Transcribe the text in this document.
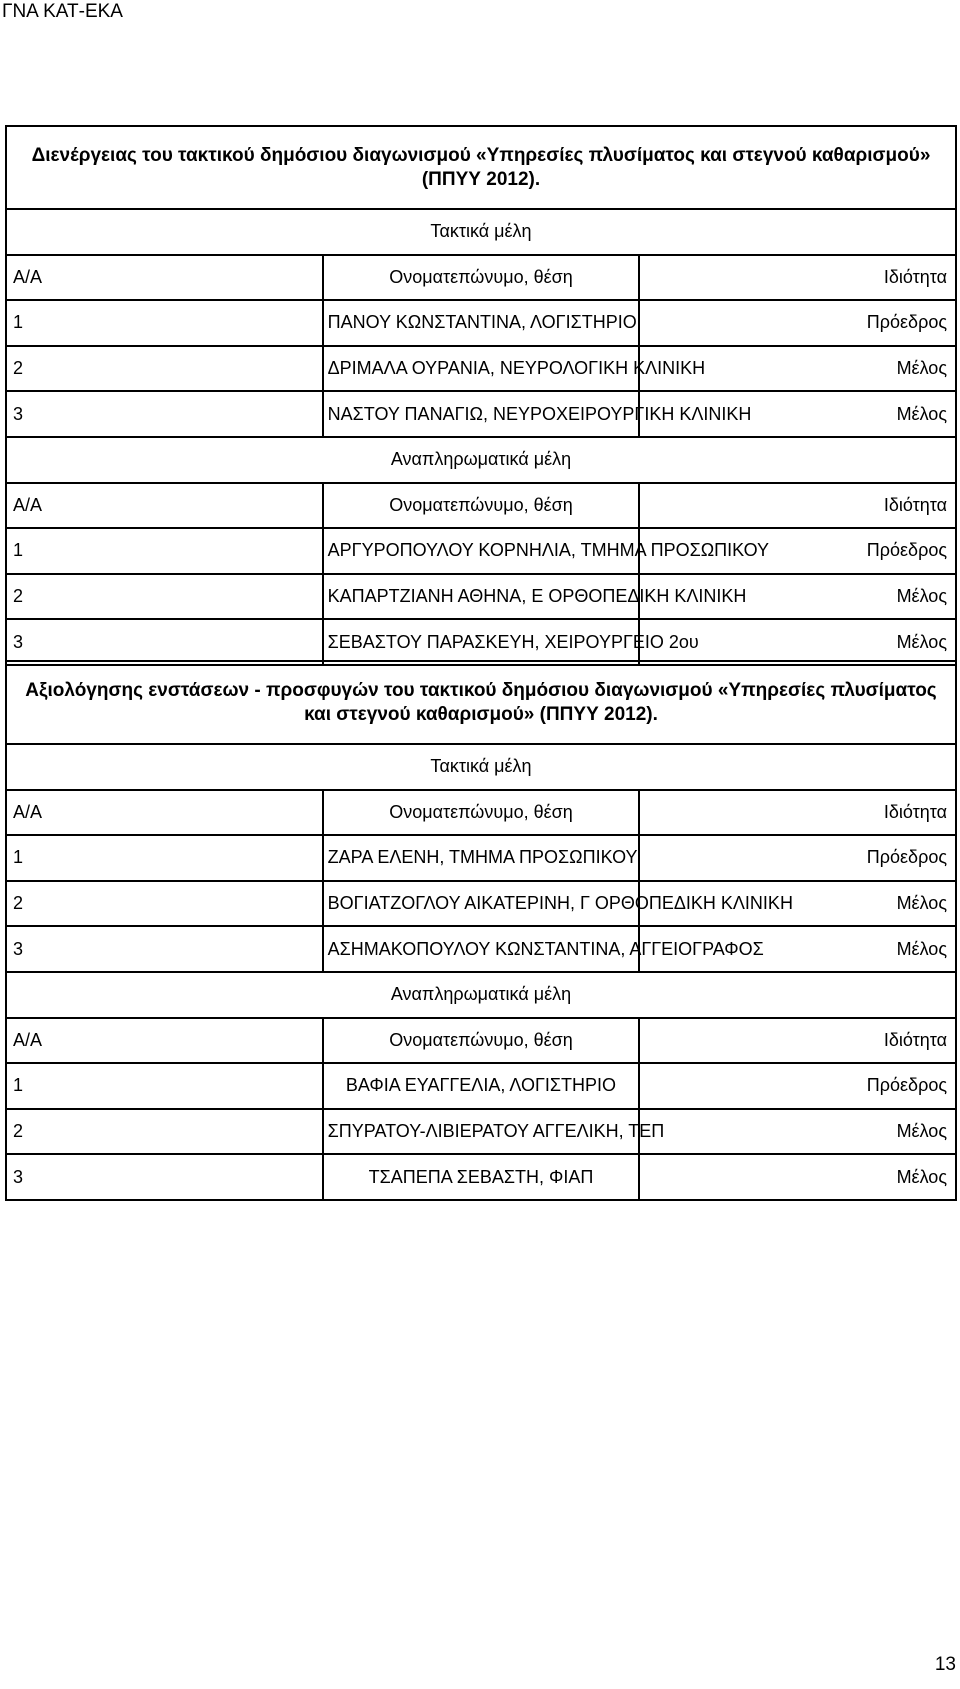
ΓΝΑ ΚΑΤ-ΕΚΑ
Διενέργειας του τακτικού δημόσιου διαγωνισμού «Υπηρεσίες πλυσίματος και στεγνού καθαρισμού» (ΠΠΥΥ 2012).		
Τακτικά μέλη		
Α/Α	Ονοματεπώνυμο, θέση	Ιδιότητα
1	ΠΑΝΟΥ ΚΩΝΣΤΑΝΤΙΝΑ, ΛΟΓΙΣΤΗΡΙΟ	Πρόεδρος
2	ΔΡΙΜΑΛΑ ΟΥΡΑΝΙΑ, ΝΕΥΡΟΛΟΓΙΚΗ ΚΛΙΝΙΚΗ	Μέλος
3	ΝΑΣΤΟΥ ΠΑΝΑΓΙΩ, ΝΕΥΡΟΧΕΙΡΟΥΡΓΙΚΗ ΚΛΙΝΙΚΗ	Μέλος
Αναπληρωματικά μέλη		
Α/Α	Ονοματεπώνυμο, θέση	Ιδιότητα
1	ΑΡΓΥΡΟΠΟΥΛΟΥ ΚΟΡΝΗΛΙΑ, ΤΜΗΜΑ ΠΡΟΣΩΠΙΚΟΥ	Πρόεδρος
2	ΚΑΠΑΡΤΖΙΑΝΗ ΑΘΗΝΑ, Ε ΟΡΘΟΠΕΔΙΚΗ ΚΛΙΝΙΚΗ	Μέλος
3	ΣΕΒΑΣΤΟΥ ΠΑΡΑΣΚΕΥΗ, ΧΕΙΡΟΥΡΓΕΙΟ 2ου	Μέλος
Αξιολόγησης ενστάσεων - προσφυγών του τακτικού δημόσιου διαγωνισμού «Υπηρεσίες πλυσίματος και στεγνού καθαρισμού» (ΠΠΥΥ 2012).		
Τακτικά μέλη		
Α/Α	Ονοματεπώνυμο, θέση	Ιδιότητα
1	ΖΑΡΑ ΕΛΕΝΗ, ΤΜΗΜΑ ΠΡΟΣΩΠΙΚΟΥ	Πρόεδρος
2	ΒΟΓΙΑΤΖΟΓΛΟΥ ΑΙΚΑΤΕΡΙΝΗ, Γ ΟΡΘΟΠΕΔΙΚΗ ΚΛΙΝΙΚΗ	Μέλος
3	ΑΣΗΜΑΚΟΠΟΥΛΟΥ ΚΩΝΣΤΑΝΤΙΝΑ, ΑΓΓΕΙΟΓΡΑΦΟΣ	Μέλος
Αναπληρωματικά μέλη		
Α/Α	Ονοματεπώνυμο, θέση	Ιδιότητα
1	ΒΑΦΙΑ ΕΥΑΓΓΕΛΙΑ, ΛΟΓΙΣΤΗΡΙΟ	Πρόεδρος
2	ΣΠΥΡΑΤΟΥ-ΛΙΒΙΕΡΑΤΟΥ ΑΓΓΕΛΙΚΗ, ΤΕΠ	Μέλος
3	ΤΣΑΠΕΠΑ ΣΕΒΑΣΤΗ, ΦΙΑΠ	Μέλος
13
